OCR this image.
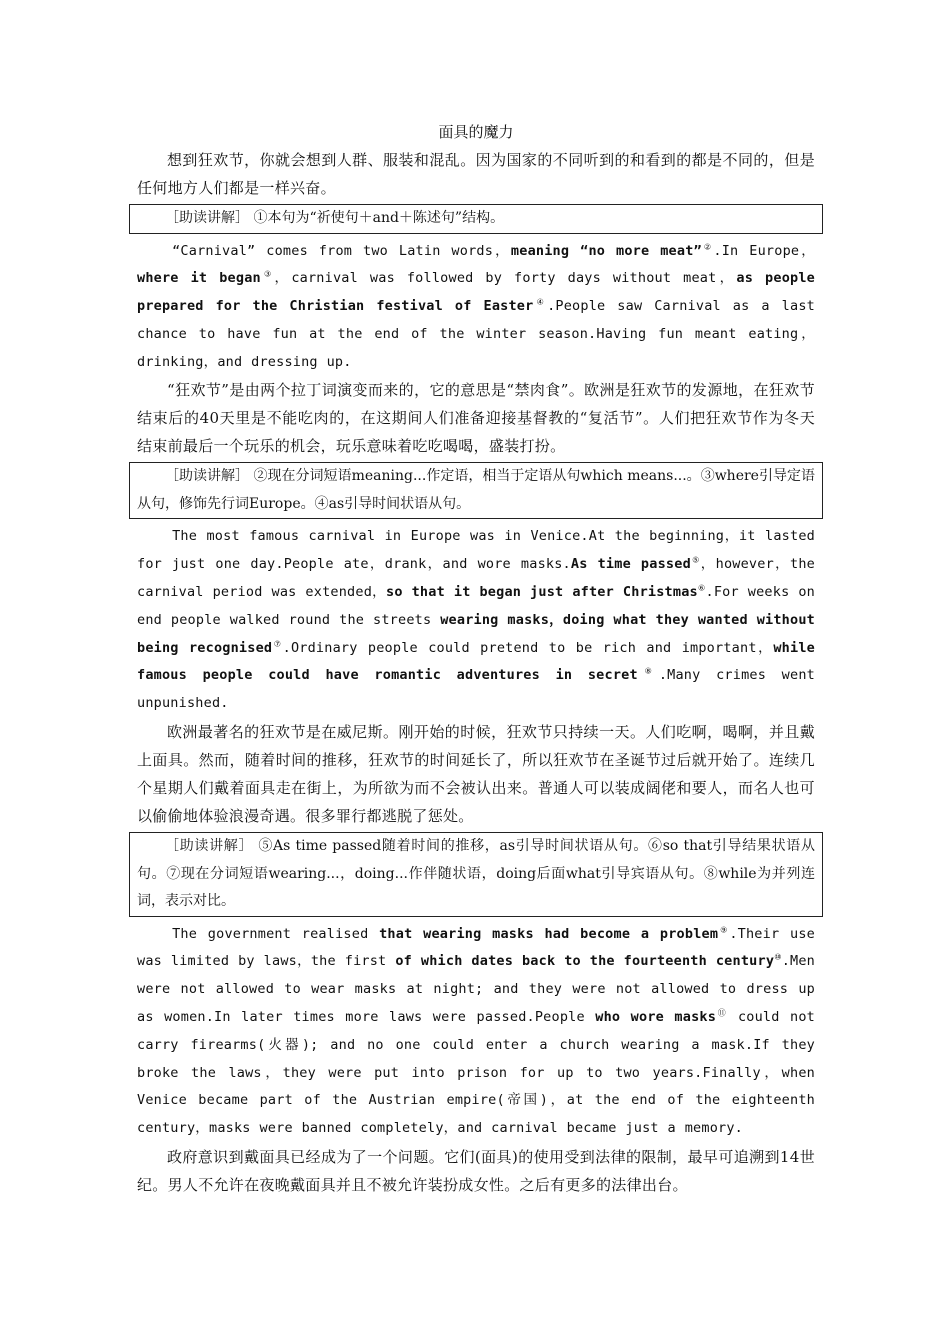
面具的魔力

想到狂欢节，你就会想到人群、服装和混乱。因为国家的不同听到的和看到的都是不同的，但是任何地方人们都是一样兴奋。

［助读讲解］ ①本句为“祈使句＋and＋陈述句”结构。

“Carnival” comes from two Latin words，meaning “no more meat”②.In Europe，where it began③，carnival was followed by forty days without meat，as people prepared for the Christian festival of Easter④.People saw Carnival as a last chance to have fun at the end of the winter season.Having fun meant eating，drinking，and dressing up.

“狂欢节”是由两个拉丁词演变而来的，它的意思是“禁肉食”。欧洲是狂欢节的发源地，在狂欢节结束后的40天里是不能吃肉的，在这期间人们准备迎接基督教的“复活节”。人们把狂欢节作为冬天结束前最后一个玩乐的机会，玩乐意味着吃吃喝喝，盛装打扮。

［助读讲解］ ②现在分词短语meaning...作定语，相当于定语从句which means...。③where引导定语从句，修饰先行词Europe。④as引导时间状语从句。

The most famous carnival in Europe was in Venice.At the beginning，it lasted for just one day.People ate，drank，and wore masks.As time passed⑤，however，the carnival period was extended，so that it began just after Christmas⑥.For weeks on end people walked round the streets wearing masks，doing what they wanted without being recognised⑦.Ordinary people could pretend to be rich and important，while famous people could have romantic adventures in secret⑧.Many crimes went unpunished.

欧洲最著名的狂欢节是在威尼斯。刚开始的时候，狂欢节只持续一天。人们吃啊，喝啊，并且戴上面具。然而，随着时间的推移，狂欢节的时间延长了，所以狂欢节在圣诞节过后就开始了。连续几个星期人们戴着面具走在街上，为所欲为而不会被认出来。普通人可以装成阔佬和要人，而名人也可以偷偷地体验浪漫奇遇。很多罪行都逃脱了惩处。

［助读讲解］ ⑤As time passed随着时间的推移，as引导时间状语从句。⑥so that引导结果状语从句。⑦现在分词短语wearing...，doing...作伴随状语，doing后面what引导宾语从句。⑧while为并列连词，表示对比。

The government realised that wearing masks had become a problem⑨.Their use was limited by laws，the first of which dates back to the fourteenth century⑩.Men were not allowed to wear masks at night; and they were not allowed to dress up as women.In later times more laws were passed.People who wore masks⑪ could not carry firearms(火器); and no one could enter a church wearing a mask.If they broke the laws，they were put into prison for up to two years.Finally，when Venice became part of the Austrian empire(帝国)，at the end of the eighteenth century，masks were banned completely，and carnival became just a memory.

政府意识到戴面具已经成为了一个问题。它们(面具)的使用受到法律的限制，最早可追溯到14世纪。男人不允许在夜晚戴面具并且不被允许装扮成女性。之后有更多的法律出台。
